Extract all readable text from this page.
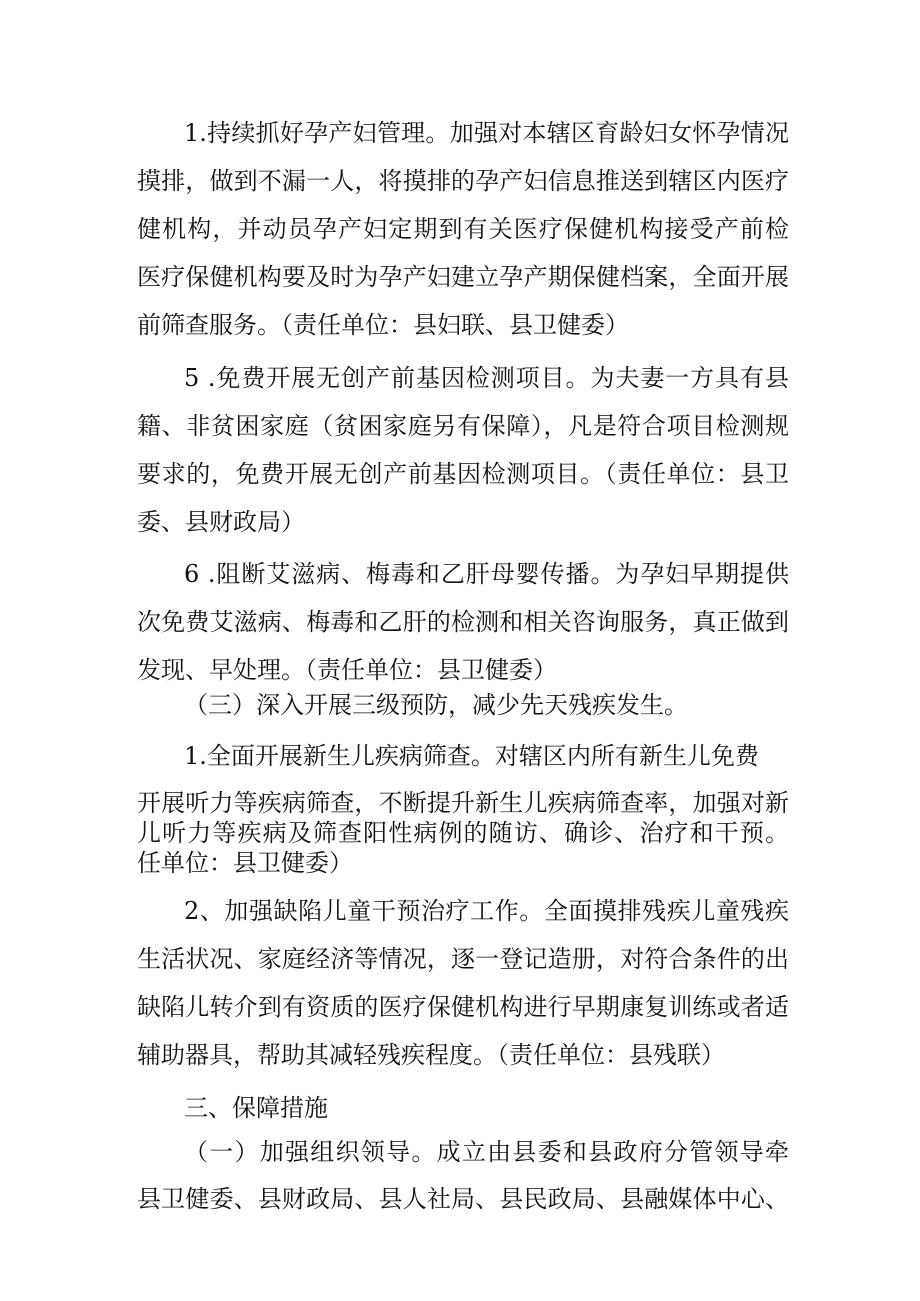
1.持续抓好孕产妇管理。加强对本辖区育龄妇女怀孕情况
摸排，做到不漏一人，将摸排的孕产妇信息推送到辖区内医疗
健机构，并动员孕产妇定期到有关医疗保健机构接受产前检
医疗保健机构要及时为孕产妇建立孕产期保健档案，全面开展
前筛查服务。（责任单位：县妇联、县卫健委）
5 .免费开展无创产前基因检测项目。为夫妻一方具有县
籍、非贫困家庭（贫困家庭另有保障），凡是符合项目检测规
要求的，免费开展无创产前基因检测项目。（责任单位：县卫
委、县财政局）
6 .阻断艾滋病、梅毒和乙肝母婴传播。为孕妇早期提供
次免费艾滋病、梅毒和乙肝的检测和相关咨询服务，真正做到
发现、早处理。（责任单位：县卫健委）
（三）深入开展三级预防，减少先天残疾发生。
1.全面开展新生儿疾病筛查。对辖区内所有新生儿免费
开展听力等疾病筛查，不断提升新生儿疾病筛查率，加强对新
儿听力等疾病及筛查阳性病例的随访、确诊、治疗和干预。
任单位：县卫健委）
2、加强缺陷儿童干预治疗工作。全面摸排残疾儿童残疾
生活状况、家庭经济等情况，逐一登记造册，对符合条件的出
缺陷儿转介到有资质的医疗保健机构进行早期康复训练或者适
辅助器具，帮助其减轻残疾程度。（责任单位：县残联）
三、保障措施
（一）加强组织领导。成立由县委和县政府分管领导牵
县卫健委、县财政局、县人社局、县民政局、县融媒体中心、
